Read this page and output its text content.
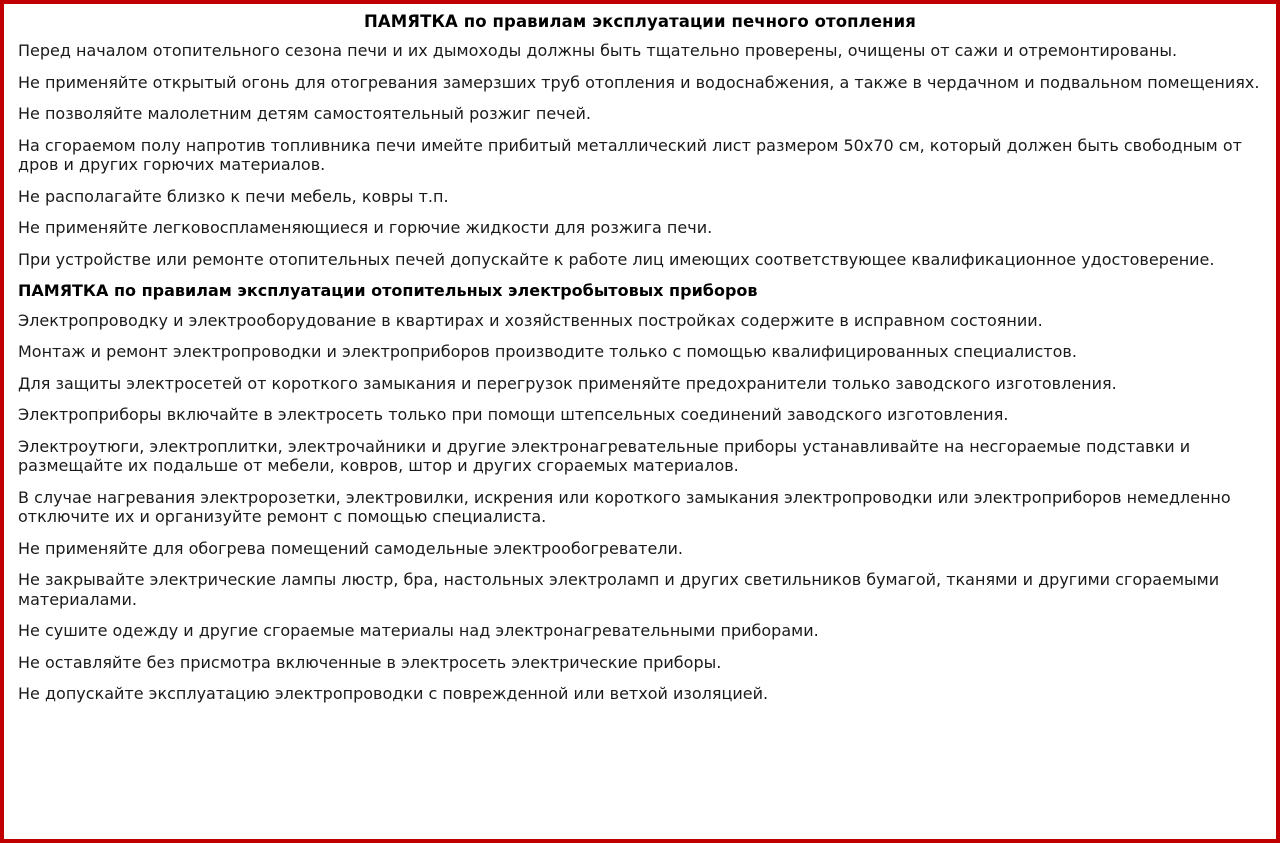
ПАМЯТКА по правилам эксплуатации печного отопления

Перед началом отопительного сезона печи и их дымоходы должны быть тщательно проверены, очищены от сажи и отремонтированы.

Не применяйте открытый огонь для отогревания замерзших труб отопления и водоснабжения, а также в чердачном и подвальном помещениях.

Не позволяйте малолетним детям самостоятельный розжиг печей.

На сгораемом полу напротив топливника печи имейте прибитый металлический лист размером 50х70 см, который должен быть свободным от дров и других горючих материалов.

Не располагайте близко к печи мебель, ковры т.п.

Не применяйте легковоспламеняющиеся и горючие жидкости для розжига печи.

При устройстве или ремонте отопительных печей допускайте к работе лиц имеющих соответствующее квалификационное удостоверение.

ПАМЯТКА по правилам эксплуатации отопительных электробытовых приборов

Электропроводку и электрооборудование в квартирах и хозяйственных постройках содержите в исправном состоянии.

Монтаж и ремонт электропроводки и электроприборов производите только с помощью квалифицированных специалистов.

Для защиты электросетей от короткого замыкания и перегрузок применяйте предохранители только заводского изготовления.

Электроприборы включайте в электросеть только при помощи штепсельных соединений заводского изготовления.

Электроутюги, электроплитки, электрочайники и другие электронагревательные приборы устанавливайте на несгораемые подставки и размещайте их подальше от мебели, ковров, штор и других сгораемых материалов.

В случае нагревания электророзетки, электровилки, искрения или короткого замыкания электропроводки или электроприборов немедленно отключите их и организуйте ремонт с помощью специалиста.

Не применяйте для обогрева помещений самодельные электрообогреватели.

Не закрывайте электрические лампы люстр, бра, настольных электроламп и других светильников бумагой, тканями и другими сгораемыми материалами.

Не сушите одежду и другие сгораемые материалы над электронагревательными приборами.

Не оставляйте без присмотра включенные в электросеть электрические приборы.

Не допускайте эксплуатацию электропроводки с поврежденной или ветхой изоляцией.
